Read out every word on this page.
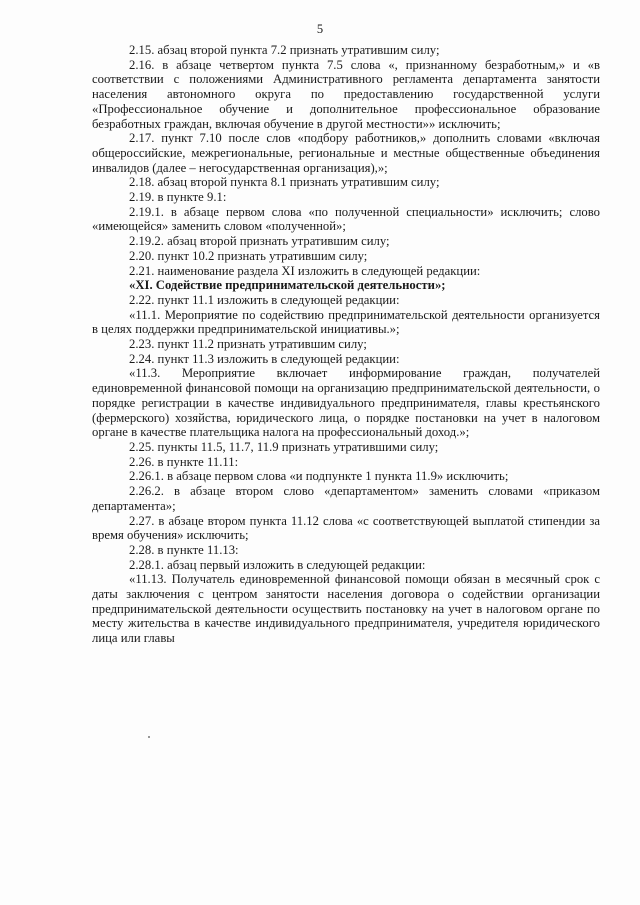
5

2.15. абзац второй пункта 7.2 признать утратившим силу;

2.16. в абзаце четвертом пункта 7.5 слова «, признанному безработным,» и «в соответствии с положениями Административного регламента департамента занятости населения автономного округа по предоставлению государственной услуги «Профессиональное обучение и дополнительное профессиональное образование безработных граждан, включая обучение в другой местности»» исключить;

2.17. пункт 7.10 после слов «подбору работников,» дополнить словами «включая общероссийские, межрегиональные, региональные и местные общественные объединения инвалидов (далее – негосударственная организация),»;

2.18. абзац второй пункта 8.1 признать утратившим силу;

2.19. в пункте 9.1:

2.19.1. в абзаце первом слова «по полученной специальности» исключить; слово «имеющейся» заменить словом «полученной»;

2.19.2. абзац второй признать утратившим силу;

2.20. пункт 10.2 признать утратившим силу;

2.21. наименование раздела XI изложить в следующей редакции:

«XI. Содействие предпринимательской деятельности»;

2.22. пункт 11.1 изложить в следующей редакции:

«11.1. Мероприятие по содействию предпринимательской деятельности организуется в целях поддержки предпринимательской инициативы.»;

2.23. пункт 11.2 признать утратившим силу;

2.24. пункт 11.3 изложить в следующей редакции:

«11.3. Мероприятие включает информирование граждан, получателей единовременной финансовой помощи на организацию предпринимательской деятельности, о порядке регистрации в качестве индивидуального предпринимателя, главы крестьянского (фермерского) хозяйства, юридического лица, о порядке постановки на учет в налоговом органе в качестве плательщика налога на профессиональный доход.»;

2.25. пункты 11.5, 11.7, 11.9 признать утратившими силу;

2.26. в пункте 11.11:

2.26.1. в абзаце первом слова «и подпункте 1 пункта 11.9» исключить;

2.26.2. в абзаце втором слово «департаментом» заменить словами «приказом департамента»;

2.27. в абзаце втором пункта 11.12 слова «с соответствующей выплатой стипендии за время обучения» исключить;

2.28. в пункте 11.13:

2.28.1. абзац первый изложить в следующей редакции:

«11.13. Получатель единовременной финансовой помощи обязан в месячный срок с даты заключения с центром занятости населения договора о содействии организации предпринимательской деятельности осуществить постановку на учет в налоговом органе по месту жительства в качестве индивидуального предпринимателя, учредителя юридического лица или главы
